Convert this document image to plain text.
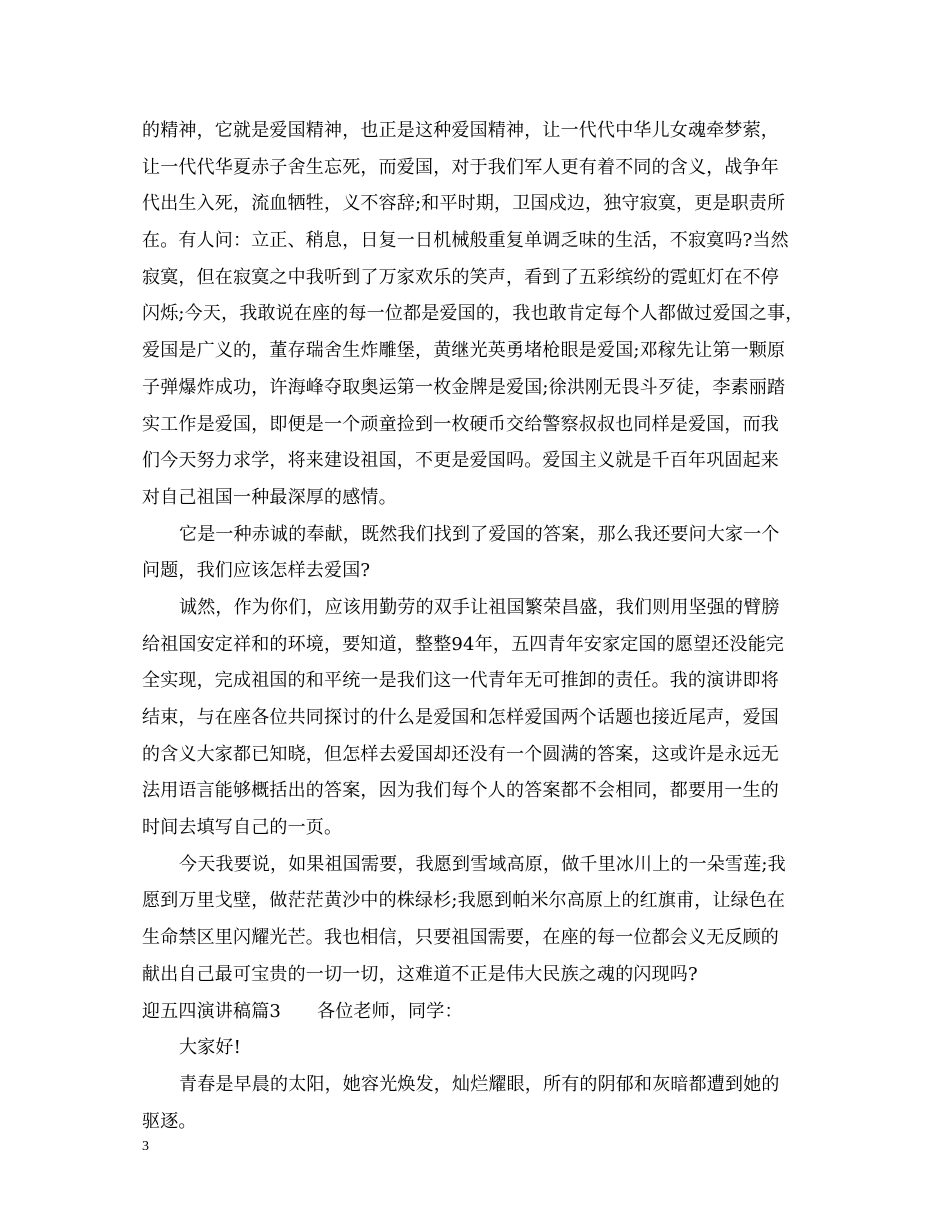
的精神，它就是爱国精神，也正是这种爱国精神，让一代代中华儿女魂牵梦萦，
让一代代华夏赤子舍生忘死，而爱国，对于我们军人更有着不同的含义，战争年
代出生入死，流血牺牲，义不容辞;和平时期，卫国戍边，独守寂寞，更是职责所
在。有人问：立正、稍息，日复一日机械般重复单调乏味的生活，不寂寞吗?当然
寂寞，但在寂寞之中我听到了万家欢乐的笑声，看到了五彩缤纷的霓虹灯在不停
闪烁;今天，我敢说在座的每一位都是爱国的，我也敢肯定每个人都做过爱国之事，
爱国是广义的，董存瑞舍生炸雕堡，黄继光英勇堵枪眼是爱国;邓稼先让第一颗原
子弹爆炸成功，许海峰夺取奥运第一枚金牌是爱国;徐洪刚无畏斗歹徒，李素丽踏
实工作是爱国，即便是一个顽童捡到一枚硬币交给警察叔叔也同样是爱国，而我
们今天努力求学，将来建设祖国，不更是爱国吗。爱国主义就是千百年巩固起来
对自己祖国一种最深厚的感情。
它是一种赤诚的奉献，既然我们找到了爱国的答案，那么我还要问大家一个
问题，我们应该怎样去爱国?
诚然，作为你们，应该用勤劳的双手让祖国繁荣昌盛，我们则用坚强的臂膀
给祖国安定祥和的环境，要知道，整整94年，五四青年安家定国的愿望还没能完
全实现，完成祖国的和平统一是我们这一代青年无可推卸的责任。我的演讲即将
结束，与在座各位共同探讨的什么是爱国和怎样爱国两个话题也接近尾声，爱国
的含义大家都已知晓，但怎样去爱国却还没有一个圆满的答案，这或许是永远无
法用语言能够概括出的答案，因为我们每个人的答案都不会相同，都要用一生的
时间去填写自己的一页。
今天我要说，如果祖国需要，我愿到雪域高原，做千里冰川上的一朵雪莲;我
愿到万里戈壁，做茫茫黄沙中的株绿杉;我愿到帕米尔高原上的红旗甫，让绿色在
生命禁区里闪耀光芒。我也相信，只要祖国需要，在座的每一位都会义无反顾的
献出自己最可宝贵的一切一切，这难道不正是伟大民族之魂的闪现吗?
迎五四演讲稿篇3 各位老师，同学：
大家好!
青春是早晨的太阳，她容光焕发，灿烂耀眼，所有的阴郁和灰暗都遭到她的
驱逐。
3
